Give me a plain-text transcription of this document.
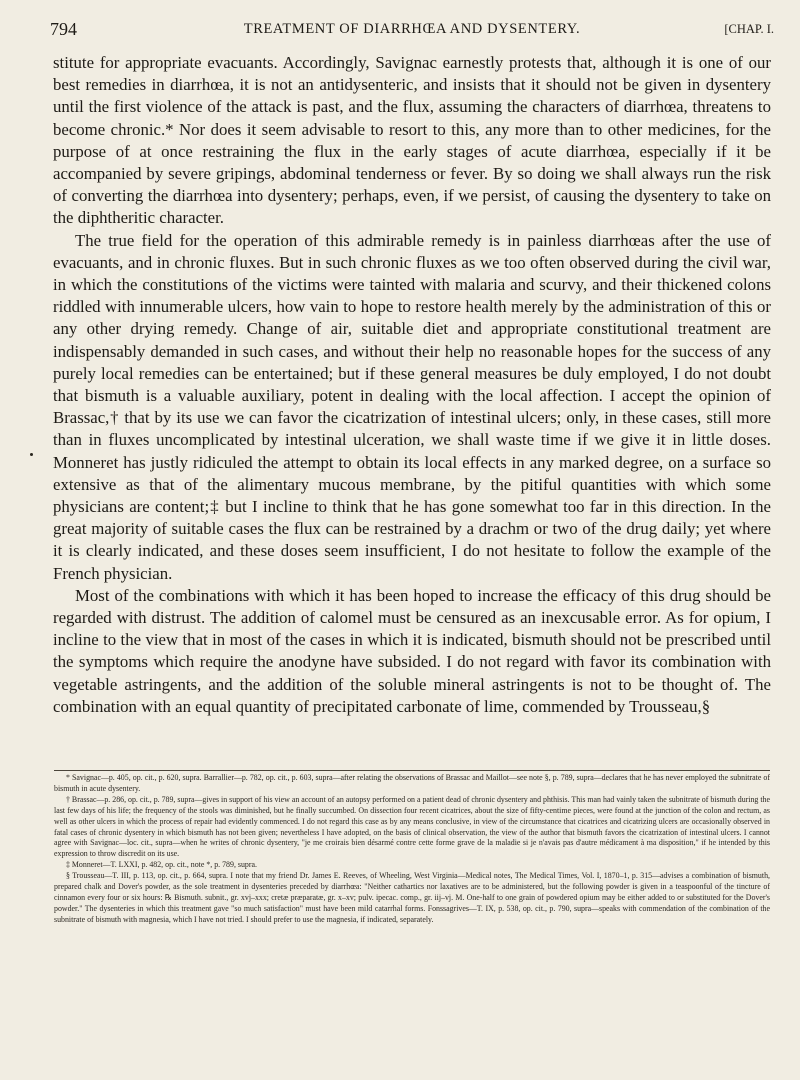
794	TREATMENT OF DIARRHŒA AND DYSENTERY.	[CHAP. I.

stitute for appropriate evacuants. Accordingly, Savignac earnestly protests that, although it is one of our best remedies in diarrhœa, it is not an antidysenteric, and insists that it should not be given in dysentery until the first violence of the attack is past, and the flux, assuming the characters of diarrhœa, threatens to become chronic.* Nor does it seem advisable to resort to this, any more than to other medicines, for the purpose of at once restraining the flux in the early stages of acute diarrhœa, especially if it be accompanied by severe gripings, abdominal tenderness or fever. By so doing we shall always run the risk of converting the diarrhœa into dysentery; perhaps, even, if we persist, of causing the dysentery to take on the diphtheritic character.

The true field for the operation of this admirable remedy is in painless diarrhœas after the use of evacuants, and in chronic fluxes. But in such chronic fluxes as we too often observed during the civil war, in which the constitutions of the victims were tainted with malaria and scurvy, and their thickened colons riddled with innumerable ulcers, how vain to hope to restore health merely by the administration of this or any other drying remedy. Change of air, suitable diet and appropriate constitutional treatment are indispensably demanded in such cases, and without their help no reasonable hopes for the success of any purely local remedies can be entertained; but if these general measures be duly employed, I do not doubt that bismuth is a valuable auxiliary, potent in dealing with the local affection. I accept the opinion of Brassac,† that by its use we can favor the cicatrization of intestinal ulcers; only, in these cases, still more than in fluxes uncomplicated by intestinal ulceration, we shall waste time if we give it in little doses. Monneret has justly ridiculed the attempt to obtain its local effects in any marked degree, on a surface so extensive as that of the alimentary mucous membrane, by the pitiful quantities with which some physicians are content;‡ but I incline to think that he has gone somewhat too far in this direction. In the great majority of suitable cases the flux can be restrained by a drachm or two of the drug daily; yet where it is clearly indicated, and these doses seem insufficient, I do not hesitate to follow the example of the French physician.

Most of the combinations with which it has been hoped to increase the efficacy of this drug should be regarded with distrust. The addition of calomel must be censured as an inexcusable error. As for opium, I incline to the view that in most of the cases in which it is indicated, bismuth should not be prescribed until the symptoms which require the anodyne have subsided. I do not regard with favor its combination with vegetable astringents, and the addition of the soluble mineral astringents is not to be thought of. The combination with an equal quantity of precipitated carbonate of lime, commended by Trousseau,§

* Savignac—p. 405, op. cit., p. 620, supra. Barrallier—p. 782, op. cit., p. 603, supra—after relating the observations of Brassac and Maillot—see note §, p. 789, supra—declares that he has never employed the subnitrate of bismuth in acute dysentery.

† Brassac—p. 286, op. cit., p. 789, supra—gives in support of his view an account of an autopsy performed on a patient dead of chronic dysentery and phthisis. This man had vainly taken the subnitrate of bismuth during the last few days of his life; the frequency of the stools was diminished, but he finally succumbed. On dissection four recent cicatrices, about the size of fifty-centime pieces, were found at the junction of the colon and rectum, as well as other ulcers in which the process of repair had evidently commenced. I do not regard this case as by any means conclusive, in view of the circumstance that cicatrices and cicatrizing ulcers are occasionally observed in fatal cases of chronic dysentery in which bismuth has not been given; nevertheless I have adopted, on the basis of clinical observation, the view of the author that bismuth favors the cicatrization of intestinal ulcers. I cannot agree with Savignac—loc. cit., supra—when he writes of chronic dysentery, "je me croirais bien désarmé contre cette forme grave de la maladie si je n'avais pas d'autre médicament à ma disposition," if he intended by this expression to throw discredit on its use.

‡ Monneret—T. LXXI, p. 482, op. cit., note *, p. 789, supra.

§ Trousseau—T. III, p. 113, op. cit., p. 664, supra. I note that my friend Dr. James E. Reeves, of Wheeling, West Virginia—Medical notes, The Medical Times, Vol. I, 1870–1, p. 315—advises a combination of bismuth, prepared chalk and Dover's powder, as the sole treatment in dysenteries preceded by diarrhœa: "Neither cathartics nor laxatives are to be administered, but the following powder is given in a teaspoonful of the tincture of cinnamon every four or six hours: ℞ Bismuth. subnit., gr. xvj–xxx; cretæ præparatæ, gr. x–xv; pulv. ipecac. comp., gr. iij–vj. M. One-half to one grain of powdered opium may be either added to or substituted for the Dover's powder." The dysenteries in which this treatment gave "so much satisfaction" must have been mild catarrhal forms. Fonssagrives—T. IX, p. 538, op. cit., p. 790, supra—speaks with commendation of the combination of the subnitrate of bismuth with magnesia, which I have not tried. I should prefer to use the magnesia, if indicated, separately.
